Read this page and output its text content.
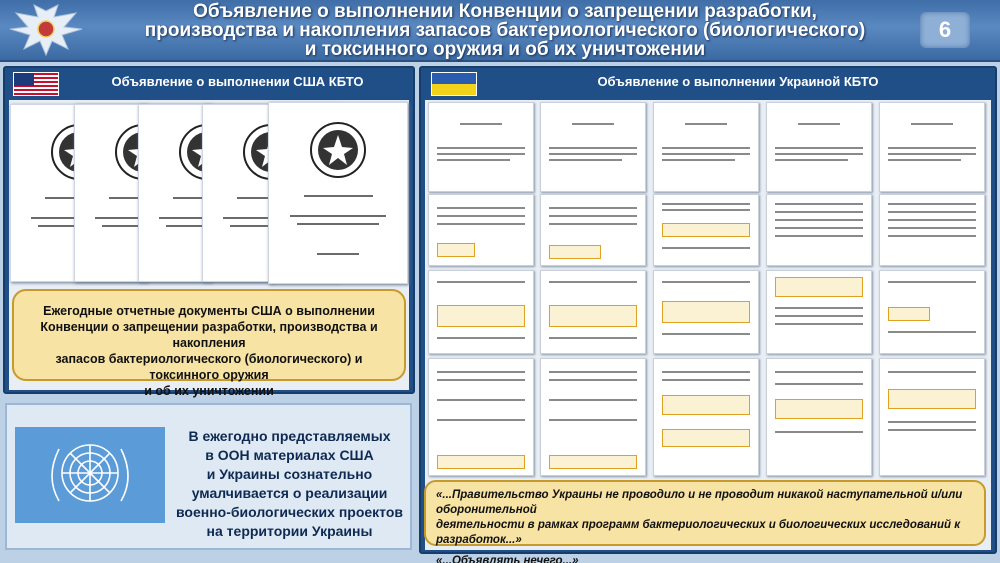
Объявление о выполнении Конвенции о запрещении разработки,
производства и накопления запасов бактериологического (биологического)
и токсинного оружия и об их уничтожении
6
Объявление о выполнении США КБТО

Ежегодные отчетные документы США о выполнении

Конвенции о запрещении разработки, производства и накопления

запасов бактериологического (биологического) и токсинного оружия

и об их уничтожении

В ежегодно представляемых
в ООН материалах США
и Украины сознательно
умалчивается о реализации
военно-биологических проектов
на территории Украины
Объявление о выполнении Украиной КБТО
«...Правительство Украины не проводило и не проводит никакой наступательной и/или оборонительной
деятельности в рамках программ бактериологических и биологических исследований к разработок...»
«...Объявлять нечего...»
